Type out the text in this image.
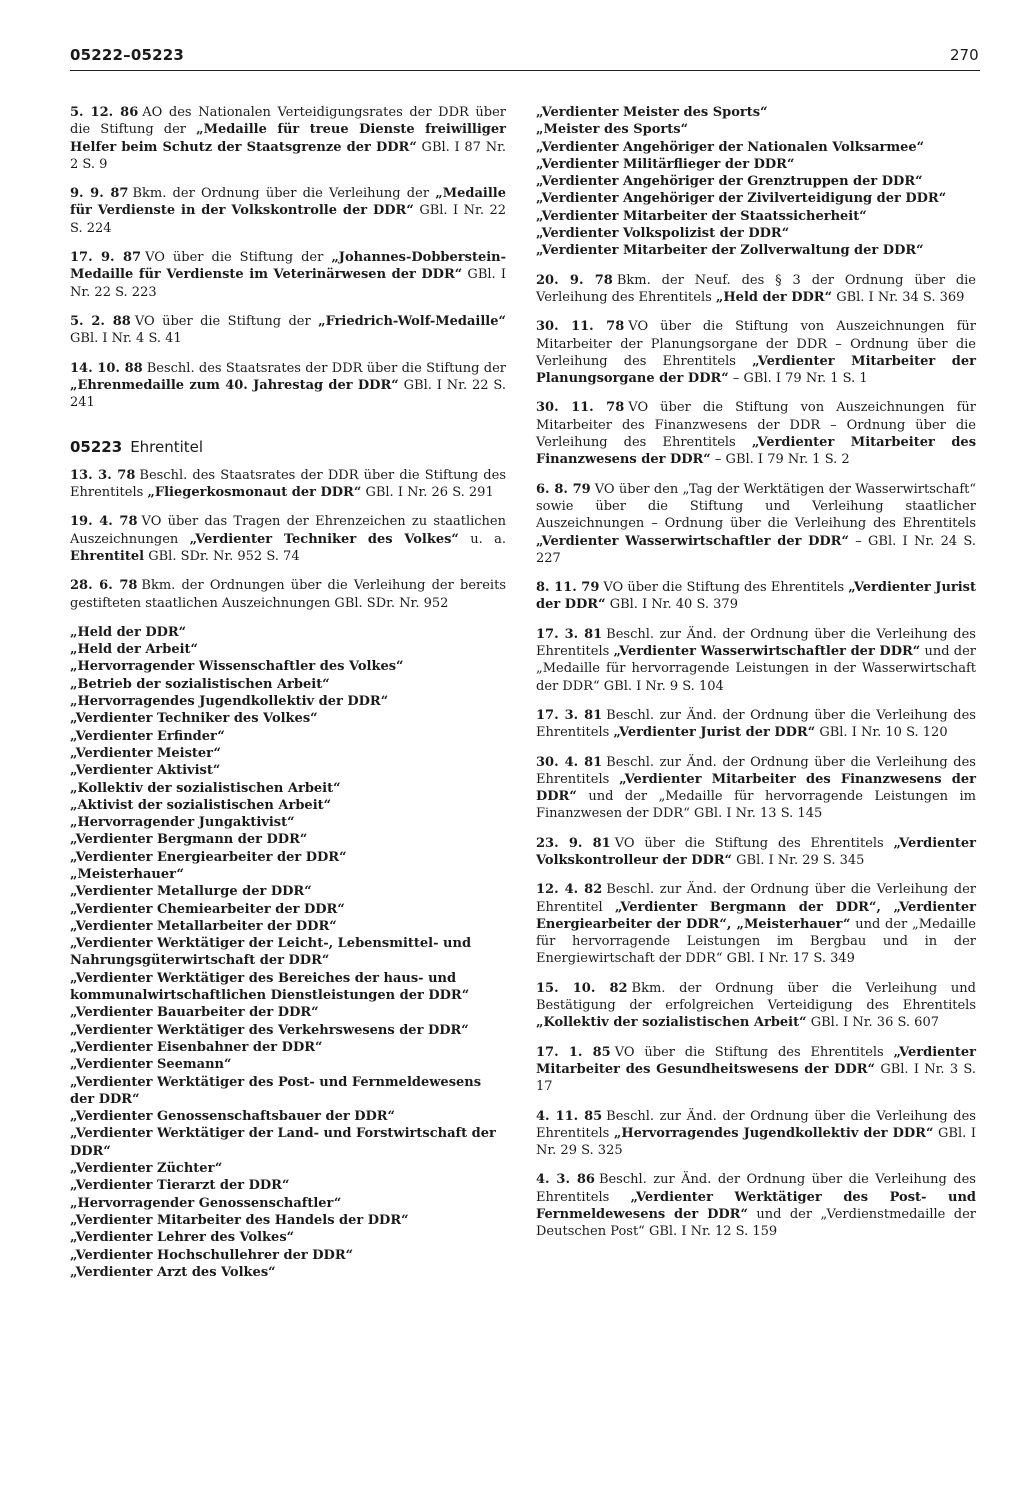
05222–05223	270
5. 12. 86 AO des Nationalen Verteidigungsrates der DDR über die Stiftung der „Medaille für treue Dienste freiwilliger Helfer beim Schutz der Staatsgrenze der DDR“ GBl. I 87 Nr. 2 S. 9
9. 9. 87 Bkm. der Ordnung über die Verleihung der „Medaille für Verdienste in der Volkskontrolle der DDR“ GBl. I Nr. 22 S. 224
17. 9. 87 VO über die Stiftung der „Johannes-Dobberstein-Medaille für Verdienste im Veterinärwesen der DDR“ GBl. I Nr. 22 S. 223
5. 2. 88 VO über die Stiftung der „Friedrich-Wolf-Medaille“ GBl. I Nr. 4 S. 41
14. 10. 88 Beschl. des Staatsrates der DDR über die Stiftung der „Ehrenmedaille zum 40. Jahrestag der DDR“ GBl. I Nr. 22 S. 241
05223 Ehrentitel
13. 3. 78 Beschl. des Staatsrates der DDR über die Stiftung des Ehrentitels „Fliegerkosmonaut der DDR“ GBl. I Nr. 26 S. 291
19. 4. 78 VO über das Tragen der Ehrenzeichen zu staatlichen Auszeichnungen „Verdienter Techniker des Volkes“ u. a. Ehrentitel GBl. SDr. Nr. 952 S. 74
28. 6. 78 Bkm. der Ordnungen über die Verleihung der bereits gestifteten staatlichen Auszeichnungen GBl. SDr. Nr. 952
„Held der DDR“
„Held der Arbeit“
„Hervorragender Wissenschaftler des Volkes“
„Betrieb der sozialistischen Arbeit“
„Hervorragendes Jugendkollektiv der DDR“
„Verdienter Techniker des Volkes“
„Verdienter Erfinder“
„Verdienter Meister“
„Verdienter Aktivist“
„Kollektiv der sozialistischen Arbeit“
„Aktivist der sozialistischen Arbeit“
„Hervorragender Jungaktivist“
„Verdienter Bergmann der DDR“
„Verdienter Energiearbeiter der DDR“
„Meisterhauer“
„Verdienter Metallurge der DDR“
„Verdienter Chemiearbeiter der DDR“
„Verdienter Metallarbeiter der DDR“
„Verdienter Werktätiger der Leicht-, Lebensmittel- und Nahrungsgüterwirtschaft der DDR“
„Verdienter Werktätiger des Bereiches der haus- und kommunalwirtschaftlichen Dienstleistungen der DDR“
„Verdienter Bauarbeiter der DDR“
„Verdienter Werktätiger des Verkehrswesens der DDR“
„Verdienter Eisenbahner der DDR“
„Verdienter Seemann“
„Verdienter Werktätiger des Post- und Fernmeldewesens der DDR“
„Verdienter Genossenschaftsbauer der DDR“
„Verdienter Werktätiger der Land- und Forstwirtschaft der DDR“
„Verdienter Züchter“
„Verdienter Tierarzt der DDR“
„Hervorragender Genossenschaftler“
„Verdienter Mitarbeiter des Handels der DDR“
„Verdienter Lehrer des Volkes“
„Verdienter Hochschullehrer der DDR“
„Verdienter Arzt des Volkes“
„Verdienter Meister des Sports“
„Meister des Sports“
„Verdienter Angehöriger der Nationalen Volksarmee“
„Verdienter Militärflieger der DDR“
„Verdienter Angehöriger der Grenztruppen der DDR“
„Verdienter Angehöriger der Zivilverteidigung der DDR“
„Verdienter Mitarbeiter der Staatssicherheit“
„Verdienter Volkspolizist der DDR“
„Verdienter Mitarbeiter der Zollverwaltung der DDR“
20. 9. 78 Bkm. der Neuf. des § 3 der Ordnung über die Verleihung des Ehrentitels „Held der DDR“ GBl. I Nr. 34 S. 369
30. 11. 78 VO über die Stiftung von Auszeichnungen für Mitarbeiter der Planungsorgane der DDR – Ordnung über die Verleihung des Ehrentitels „Verdienter Mitarbeiter der Planungsorgane der DDR“ – GBl. I 79 Nr. 1 S. 1
30. 11. 78 VO über die Stiftung von Auszeichnungen für Mitarbeiter des Finanzwesens der DDR – Ordnung über die Verleihung des Ehrentitels „Verdienter Mitarbeiter des Finanzwesens der DDR“ – GBl. I 79 Nr. 1 S. 2
6. 8. 79 VO über den „Tag der Werktätigen der Wasserwirtschaft“ sowie über die Stiftung und Verleihung staatlicher Auszeichnungen – Ordnung über die Verleihung des Ehrentitels „Verdienter Wasserwirtschaftler der DDR“ – GBl. I Nr. 24 S. 227
8. 11. 79 VO über die Stiftung des Ehrentitels „Verdienter Jurist der DDR“ GBl. I Nr. 40 S. 379
17. 3. 81 Beschl. zur Änd. der Ordnung über die Verleihung des Ehrentitels „Verdienter Wasserwirtschaftler der DDR“ und der „Medaille für hervorragende Leistungen in der Wasserwirtschaft der DDR“ GBl. I Nr. 9 S. 104
17. 3. 81 Beschl. zur Änd. der Ordnung über die Verleihung des Ehrentitels „Verdienter Jurist der DDR“ GBl. I Nr. 10 S. 120
30. 4. 81 Beschl. zur Änd. der Ordnung über die Verleihung des Ehrentitels „Verdienter Mitarbeiter des Finanzwesens der DDR“ und der „Medaille für hervorragende Leistungen im Finanzwesen der DDR“ GBl. I Nr. 13 S. 145
23. 9. 81 VO über die Stiftung des Ehrentitels „Verdienter Volkskontrolleur der DDR“ GBl. I Nr. 29 S. 345
12. 4. 82 Beschl. zur Änd. der Ordnung über die Verleihung der Ehrentitel „Verdienter Bergmann der DDR“, „Verdienter Energiearbeiter der DDR“, „Meisterhauer“ und der „Medaille für hervorragende Leistungen im Bergbau und in der Energiewirtschaft der DDR“ GBl. I Nr. 17 S. 349
15. 10. 82 Bkm. der Ordnung über die Verleihung und Bestätigung der erfolgreichen Verteidigung des Ehrentitels „Kollektiv der sozialistischen Arbeit“ GBl. I Nr. 36 S. 607
17. 1. 85 VO über die Stiftung des Ehrentitels „Verdienter Mitarbeiter des Gesundheitswesens der DDR“ GBl. I Nr. 3 S. 17
4. 11. 85 Beschl. zur Änd. der Ordnung über die Verleihung des Ehrentitels „Hervorragendes Jugendkollektiv der DDR“ GBl. I Nr. 29 S. 325
4. 3. 86 Beschl. zur Änd. der Ordnung über die Verleihung des Ehrentitels „Verdienter Werktätiger des Post- und Fernmeldewesens der DDR“ und der „Verdienstmedaille der Deutschen Post“ GBl. I Nr. 12 S. 159
